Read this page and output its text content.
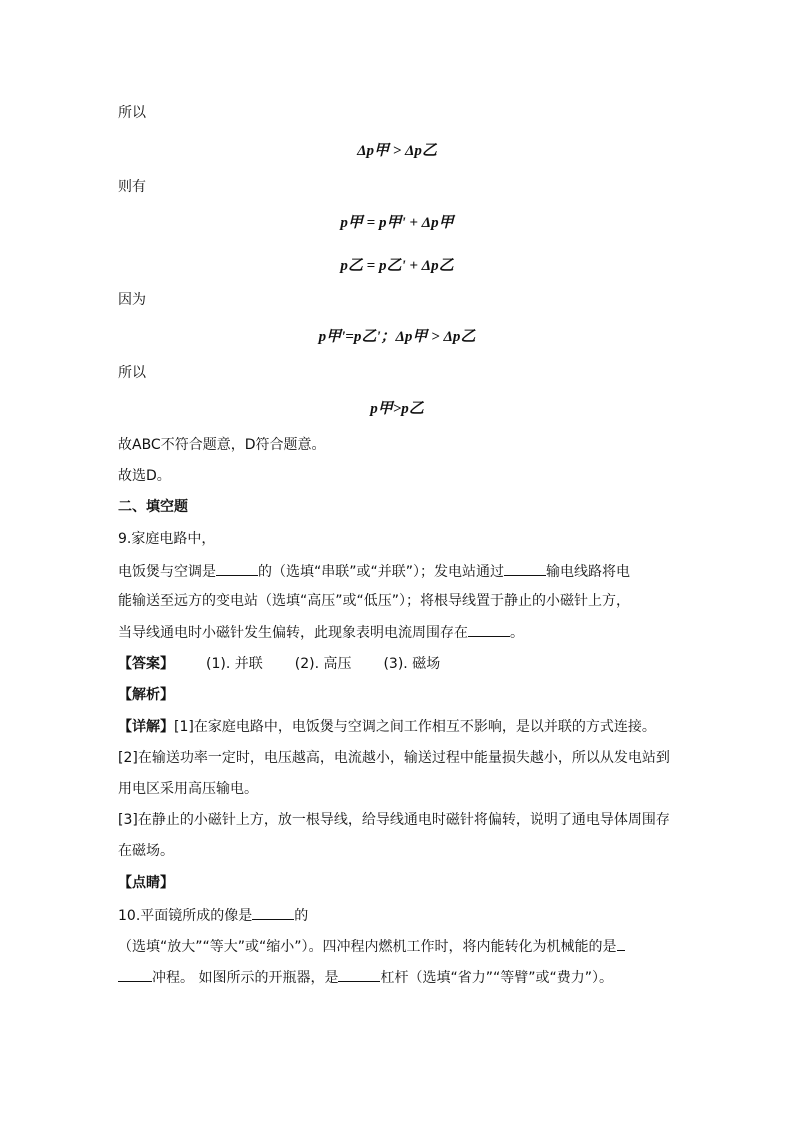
所以
Δp甲 > Δp乙
则有
p甲 = p甲' + Δp甲
p乙 = p乙' + Δp乙
因为
p甲'=p乙'；Δp甲 > Δp乙
所以
p甲>p乙
故ABC不符合题意，D符合题意。
故选D。
二、填空题
9.家庭电路中，
电饭煲与空调是	的（选填“串联”或“并联”）；发电站通过	输电线路将电
能输送至远方的变电站（选填“高压”或“低压”）；将根导线置于静止的小磁针上方，
当导线通电时小磁针发生偏转，此现象表明电流周围存在	。
【答案】 (1). 并联 (2). 高压 (3). 磁场
【解析】
【详解】[1]在家庭电路中，电饭煲与空调之间工作相互不影响，是以并联的方式连接。
[2]在输送功率一定时，电压越高，电流越小，输送过程中能量损失越小，所以从发电站到
用电区采用高压输电。
[3]在静止的小磁针上方，放一根导线，给导线通电时磁针将偏转，说明了通电导体周围存
在磁场。
【点睛】
10.平面镜所成的像是	的
（选填“放大”“等大”或“缩小”）。四冲程内燃机工作时，将内能转化为机械能的是
冲程。 如图所示的开瓶器，是	杠杆（选填“省力”“等臂”或“费力”）。
